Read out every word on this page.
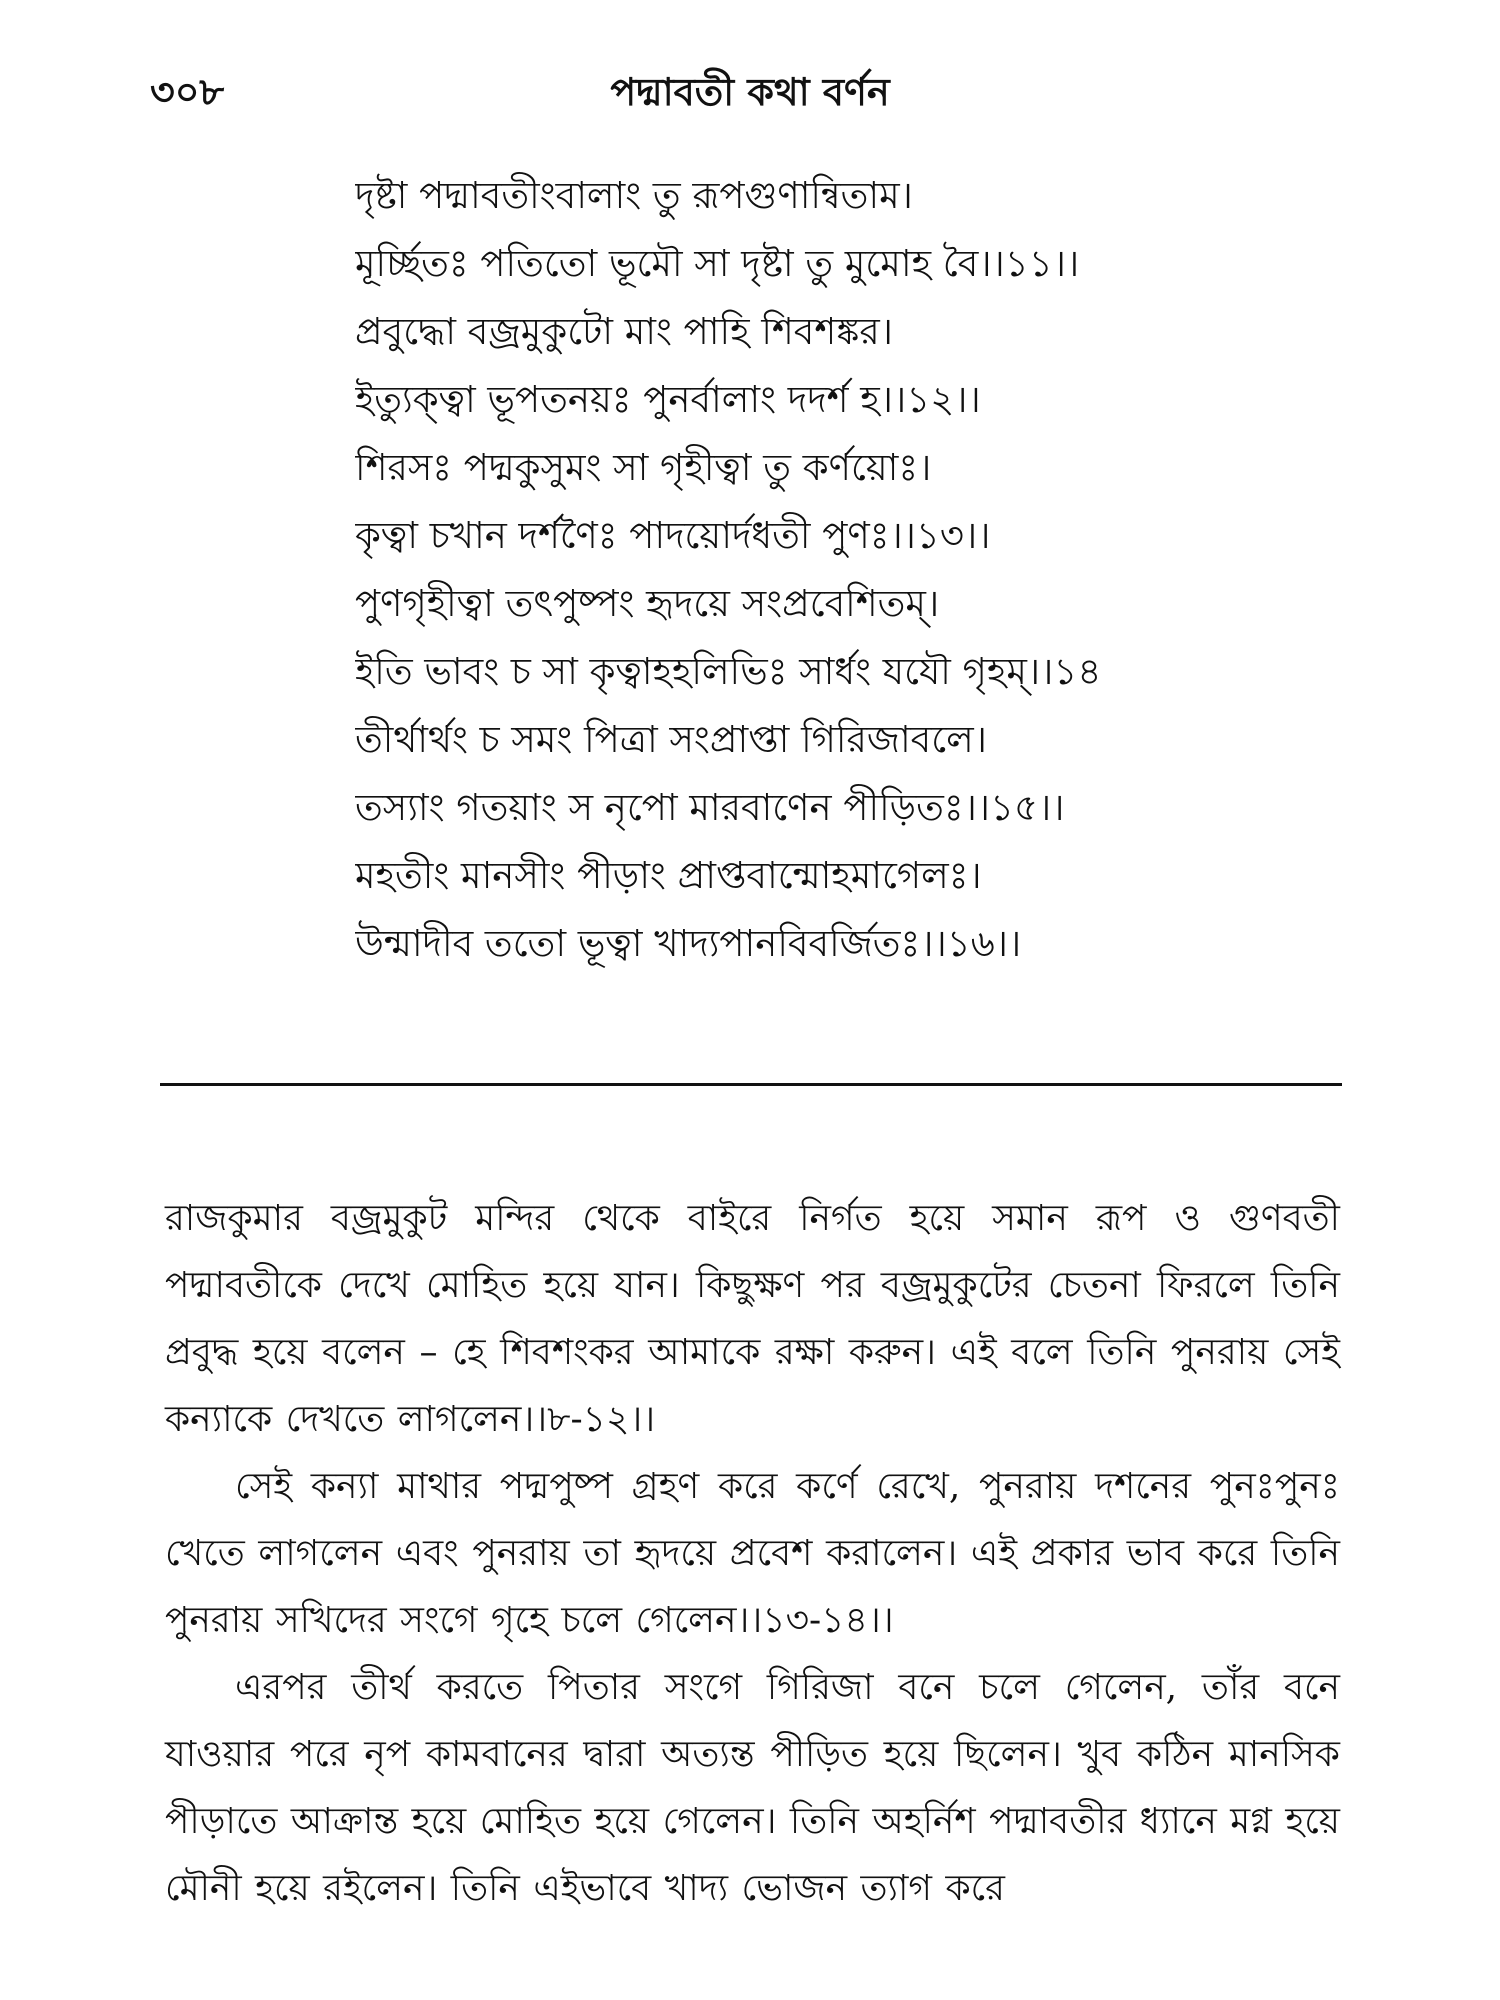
৩০৮	পদ্মাবতী কথা বর্ণন
দৃষ্টা পদ্মাবতীংবালাং তু রূপগুণান্বিতাম।
মূর্চ্ছিতঃ পতিতো ভূমৌ সা দৃষ্টা তু মুমোহ বৈ।।১১।।
প্রবুদ্ধো বজ্রমুকুটো মাং পাহি শিবশঙ্কর।
ইত্যুক্ত্বা ভূপতনয়ঃ পুনর্বালাং দদর্শ হ।।১২।।
শিরসঃ পদ্মকুসুমং সা গৃহীত্বা তু কর্ণয়োঃ।
কৃত্বা চখান দর্শণৈঃ পাদয়োর্দধতী পুণঃ।।১৩।।
পুণগৃহীত্বা তৎপুষ্পং হৃদয়ে সংপ্রবেশিতম্।
ইতি ভাবং চ সা কৃত্বাহহলিভিঃ সার্ধং যযৌ গৃহম্।।১৪
তীর্থার্থং চ সমং পিত্রা সংপ্রাপ্তা গিরিজাবলে।
তস্যাং গতয়াং স নৃপো মারবাণেন পীড়িতঃ।।১৫।।
মহতীং মানসীং পীড়াং প্রাপ্তবান্মোহমাগেলঃ।
উন্মাদীব ততো ভূত্বা খাদ্যপানবিবর্জিতঃ।।১৬।।

রাজকুমার বজ্রমুকুট মন্দির থেকে বাইরে নির্গত হয়ে সমান রূপ ও গুণবতী পদ্মাবতীকে দেখে মোহিত হয়ে যান। কিছুক্ষণ পর বজ্রমুকুটের চেতনা ফিরলে তিনি প্রবুদ্ধ হয়ে বলেন – হে শিবশংকর আমাকে রক্ষা করুন। এই বলে তিনি পুনরায় সেই কন্যাকে দেখতে লাগলেন।।৮-১২।।

সেই কন্যা মাথার পদ্মপুষ্প গ্রহণ করে কর্ণে রেখে, পুনরায় দশনের পুনঃপুনঃ খেতে লাগলেন এবং পুনরায় তা হৃদয়ে প্রবেশ করালেন। এই প্রকার ভাব করে তিনি পুনরায় সখিদের সংগে গৃহে চলে গেলেন।।১৩-১৪।।

এরপর তীর্থ করতে পিতার সংগে গিরিজা বনে চলে গেলেন, তাঁর বনে যাওয়ার পরে নৃপ কামবানের দ্বারা অত্যন্ত পীড়িত হয়ে ছিলেন। খুব কঠিন মানসিক পীড়াতে আক্রান্ত হয়ে মোহিত হয়ে গেলেন। তিনি অহর্নিশ পদ্মাবতীর ধ্যানে মগ্ন হয়ে মৌনী হয়ে রইলেন। তিনি এইভাবে খাদ্য ভোজন ত্যাগ করে
